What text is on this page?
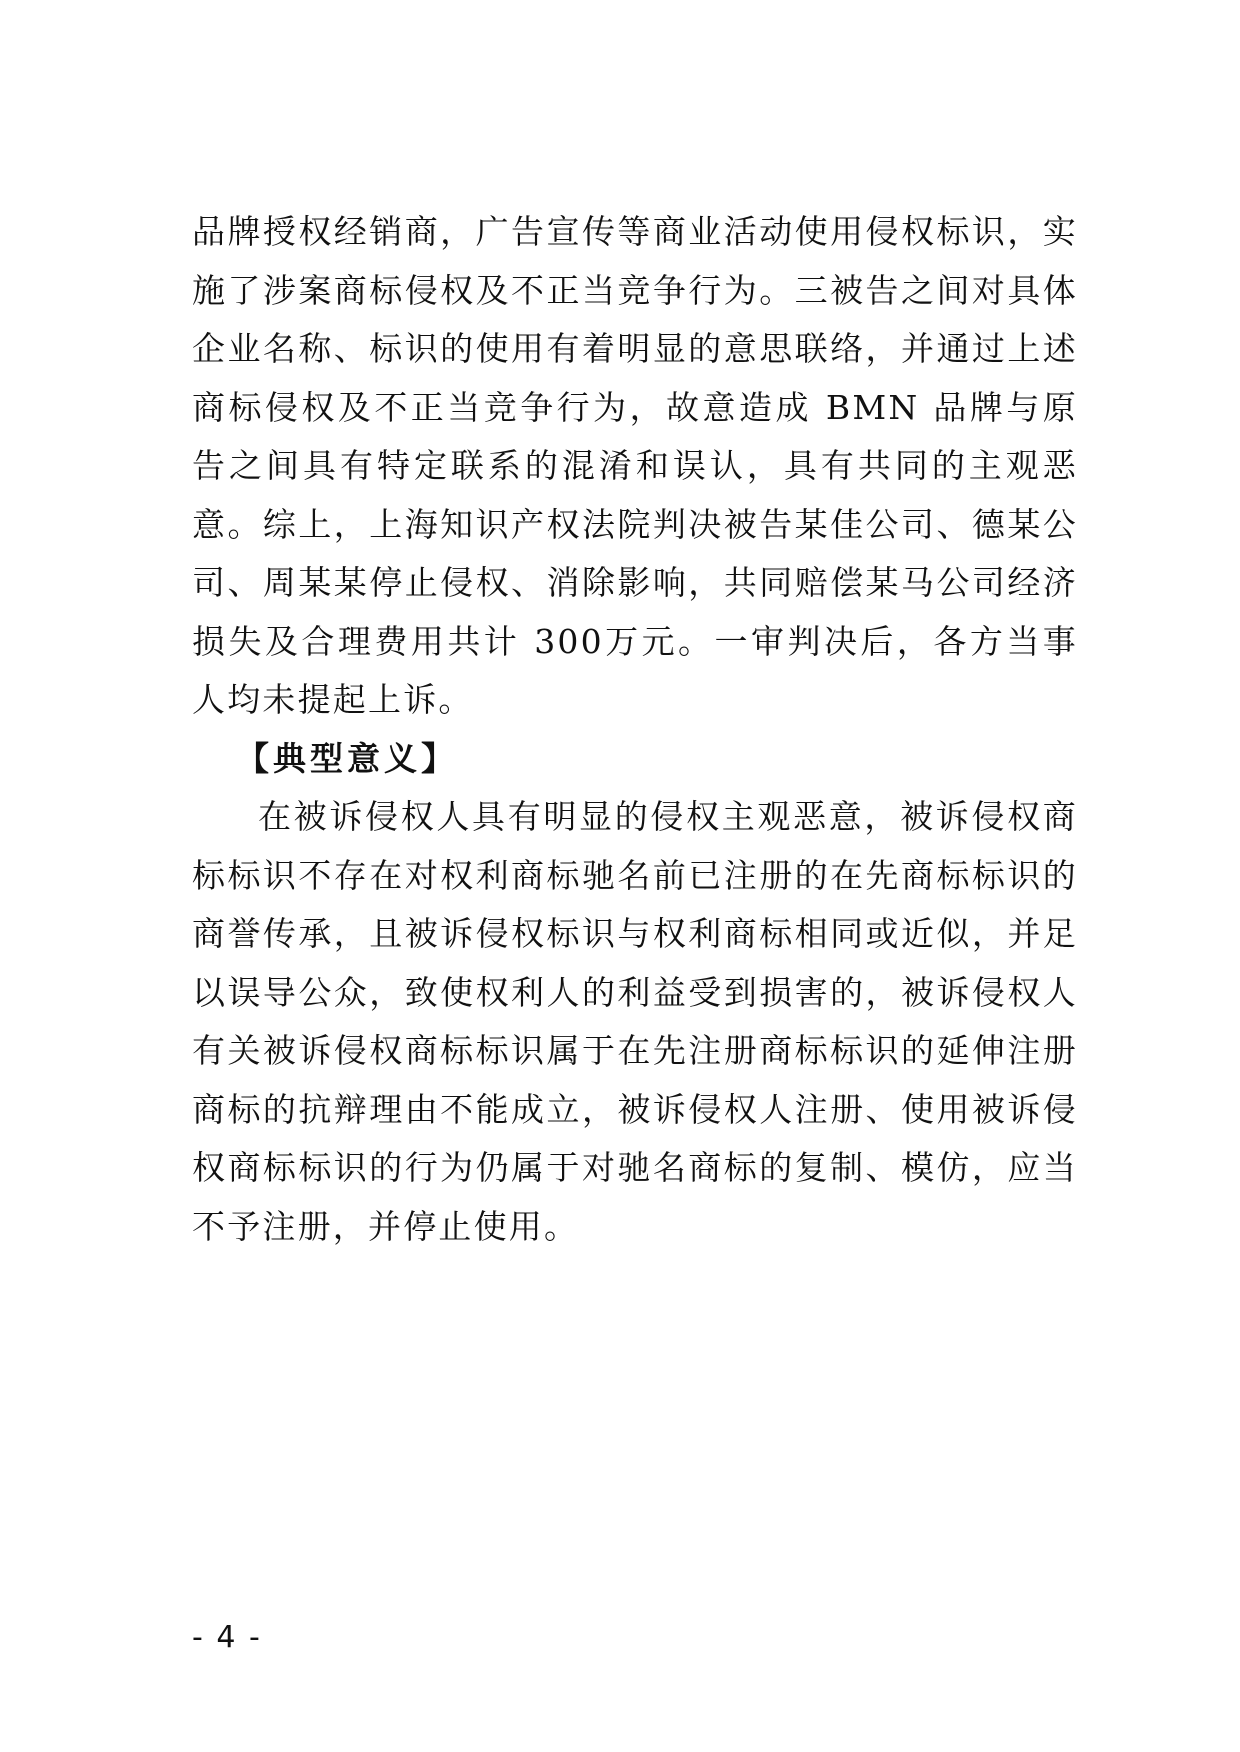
品牌授权经销商，广告宣传等商业活动使用侵权标识，实施了涉案商标侵权及不正当竞争行为。三被告之间对具体企业名称、标识的使用有着明显的意思联络，并通过上述商标侵权及不正当竞争行为，故意造成 BMN 品牌与原告之间具有特定联系的混淆和误认，具有共同的主观恶意。综上，上海知识产权法院判决被告某佳公司、德某公司、周某某停止侵权、消除影响，共同赔偿某马公司经济损失及合理费用共计 300万元。一审判决后，各方当事人均未提起上诉。

【典型意义】

在被诉侵权人具有明显的侵权主观恶意，被诉侵权商标标识不存在对权利商标驰名前已注册的在先商标标识的商誉传承，且被诉侵权标识与权利商标相同或近似，并足以误导公众，致使权利人的利益受到损害的，被诉侵权人有关被诉侵权商标标识属于在先注册商标标识的延伸注册商标的抗辩理由不能成立，被诉侵权人注册、使用被诉侵权商标标识的行为仍属于对驰名商标的复制、模仿，应当不予注册，并停止使用。

- 4 -
